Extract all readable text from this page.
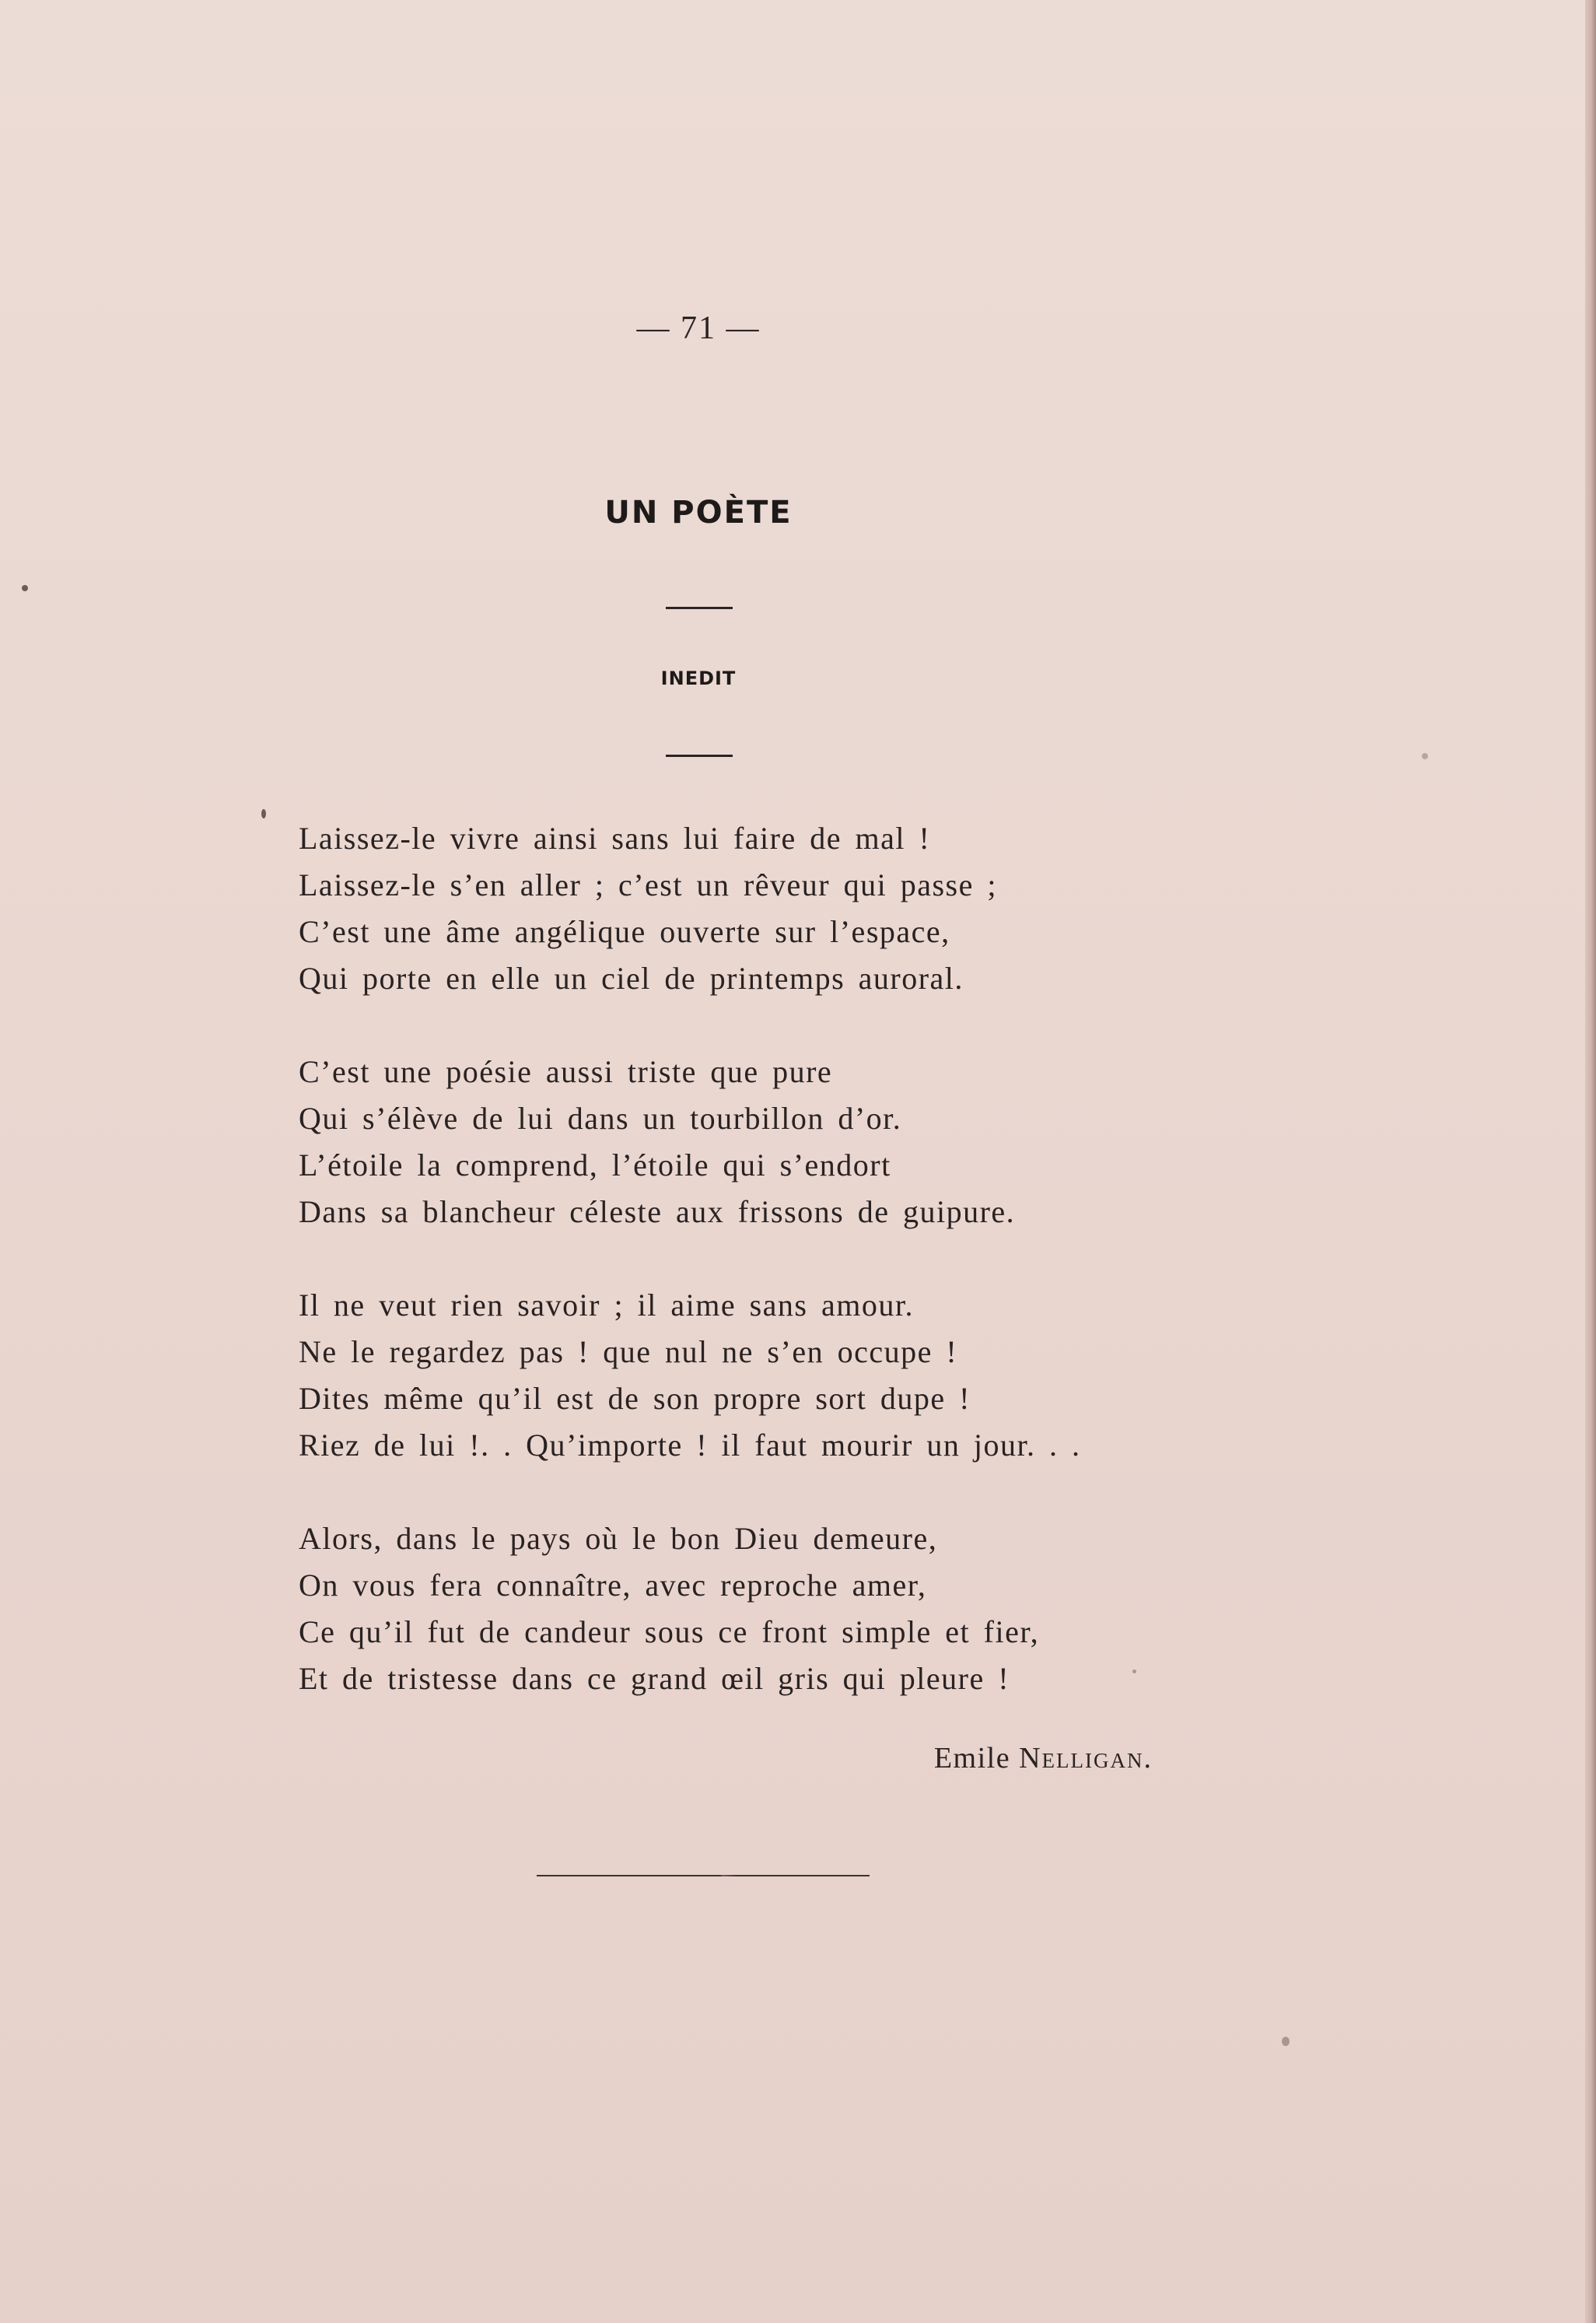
— 71 —
UN POÈTE
INEDIT
Laissez-le vivre ainsi sans lui faire de mal !
Laissez-le s’en aller ; c’est un rêveur qui passe ;
C’est une âme angélique ouverte sur l’espace,
Qui porte en elle un ciel de printemps auroral.
C’est une poésie aussi triste que pure
Qui s’élève de lui dans un tourbillon d’or.
L’étoile la comprend, l’étoile qui s’endort
Dans sa blancheur céleste aux frissons de guipure.
Il ne veut rien savoir ; il aime sans amour.
Ne le regardez pas ! que nul ne s’en occupe !
Dites même qu’il est de son propre sort dupe !
Riez de lui !. . Qu’importe ! il faut mourir un jour. . .
Alors, dans le pays où le bon Dieu demeure,
On vous fera connaître, avec reproche amer,
Ce qu’il fut de candeur sous ce front simple et fier,
Et de tristesse dans ce grand œil gris qui pleure !
Emile Nelligan.
